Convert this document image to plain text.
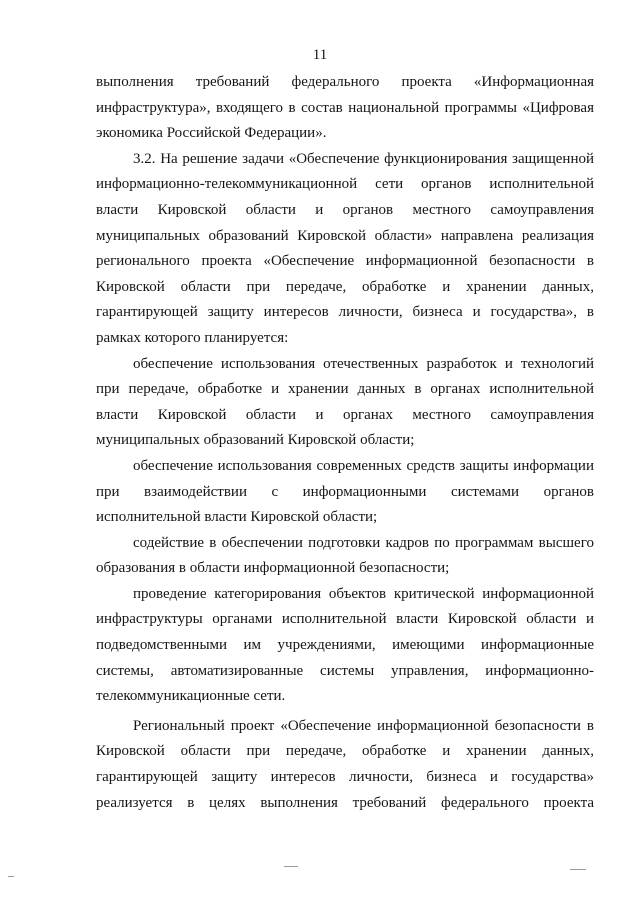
11
выполнения требований федерального проекта «Информационная
инфраструктура», входящего в состав национальной программы «Цифровая
экономика Российской Федерации».
3.2. На решение задачи «Обеспечение функционирования защищенной
информационно-телекоммуникационной сети органов исполнительной
власти Кировской области и органов местного самоуправления
муниципальных образований Кировской области» направлена реализация
регионального проекта «Обеспечение информационной безопасности в
Кировской области при передаче, обработке и хранении данных,
гарантирующей защиту интересов личности, бизнеса и государства», в
рамках которого планируется:
обеспечение использования отечественных разработок и технологий
при передаче, обработке и хранении данных в органах исполнительной
власти Кировской области и органах местного самоуправления
муниципальных образований Кировской области;
обеспечение использования современных средств защиты информации
при взаимодействии с информационными системами органов
исполнительной власти Кировской области;
содействие в обеспечении подготовки кадров по программам высшего
образования в области информационной безопасности;
проведение категорирования объектов критической информационной
инфраструктуры органами исполнительной власти Кировской области и
подведомственными им учреждениями, имеющими информационные
системы, автоматизированные системы управления, информационно-
телекоммуникационные сети.
Региональный проект «Обеспечение информационной безопасности в
Кировской области при передаче, обработке и хранении данных,
гарантирующей защиту интересов личности, бизнеса и государства»
реализуется в целях выполнения требований федерального проекта
